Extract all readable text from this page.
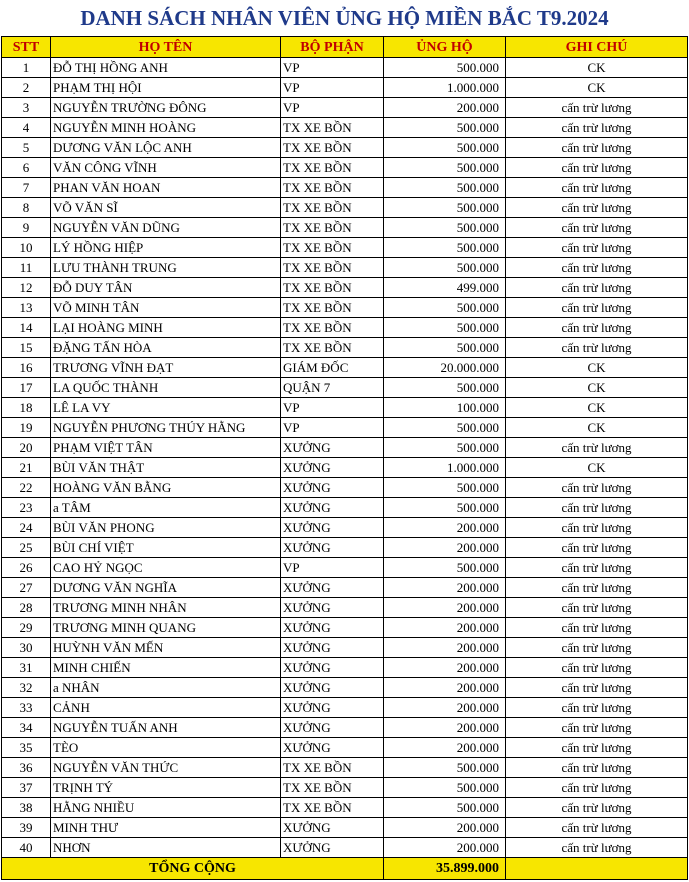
DANH SÁCH NHÂN VIÊN ỦNG HỘ MIỀN BẮC T9.2024
STT	HỌ TÊN	BỘ PHẬN	ỦNG HỘ	GHI CHÚ
1	ĐỖ THỊ HỒNG ANH	VP	500.000	CK
2	PHẠM THỊ HỘI	VP	1.000.000	CK
3	NGUYỄN TRƯỜNG ĐÔNG	VP	200.000	cấn trừ lương
4	NGUYỄN MINH HOÀNG	TX XE BỒN	500.000	cấn trừ lương
5	DƯƠNG VĂN LỘC ANH	TX XE BỒN	500.000	cấn trừ lương
6	VĂN CÔNG VĨNH	TX XE BỒN	500.000	cấn trừ lương
7	PHAN VĂN HOAN	TX XE BỒN	500.000	cấn trừ lương
8	VÕ VĂN SĨ	TX XE BỒN	500.000	cấn trừ lương
9	NGUYỄN VĂN DŨNG	TX XE BỒN	500.000	cấn trừ lương
10	LÝ HỒNG HIỆP	TX XE BỒN	500.000	cấn trừ lương
11	LƯU THÀNH TRUNG	TX XE BỒN	500.000	cấn trừ lương
12	ĐỖ DUY TÂN	TX XE BỒN	499.000	cấn trừ lương
13	VÕ MINH TÂN	TX XE BỒN	500.000	cấn trừ lương
14	LẠI HOÀNG MINH	TX XE BỒN	500.000	cấn trừ lương
15	ĐẶNG TẤN HÒA	TX XE BỒN	500.000	cấn trừ lương
16	TRƯƠNG VĨNH ĐẠT	GIÁM ĐỐC	20.000.000	CK
17	LA QUỐC THÀNH	QUẬN 7	500.000	CK
18	LÊ LA VY	VP	100.000	CK
19	NGUYỄN PHƯƠNG THÚY HẰNG	VP	500.000	CK
20	PHẠM VIỆT TÂN	XƯỞNG	500.000	cấn trừ lương
21	BÙI VĂN THẬT	XƯỞNG	1.000.000	CK
22	HOÀNG VĂN BẰNG	XƯỞNG	500.000	cấn trừ lương
23	a TÂM	XƯỞNG	500.000	cấn trừ lương
24	BÙI VĂN PHONG	XƯỞNG	200.000	cấn trừ lương
25	BÙI CHÍ VIỆT	XƯỞNG	200.000	cấn trừ lương
26	CAO HỶ NGỌC	VP	500.000	cấn trừ lương
27	DƯƠNG VĂN NGHĨA	XƯỞNG	200.000	cấn trừ lương
28	TRƯƠNG MINH NHÂN	XƯỞNG	200.000	cấn trừ lương
29	TRƯƠNG MINH QUANG	XƯỞNG	200.000	cấn trừ lương
30	HUỲNH VĂN MẾN	XƯỞNG	200.000	cấn trừ lương
31	MINH CHIẾN	XƯỞNG	200.000	cấn trừ lương
32	a NHÂN	XƯỞNG	200.000	cấn trừ lương
33	CẢNH	XƯỞNG	200.000	cấn trừ lương
34	NGUYỄN TUẤN ANH	XƯỞNG	200.000	cấn trừ lương
35	TÈO	XƯỞNG	200.000	cấn trừ lương
36	NGUYỄN VĂN THỨC	TX XE BỒN	500.000	cấn trừ lương
37	TRỊNH TÝ	TX XE BỒN	500.000	cấn trừ lương
38	HẰNG NHIỀU	TX XE BỒN	500.000	cấn trừ lương
39	MINH THƯ	XƯỞNG	200.000	cấn trừ lương
40	NHƠN	XƯỞNG	200.000	cấn trừ lương
TỔNG CỘNG			35.899.000	
